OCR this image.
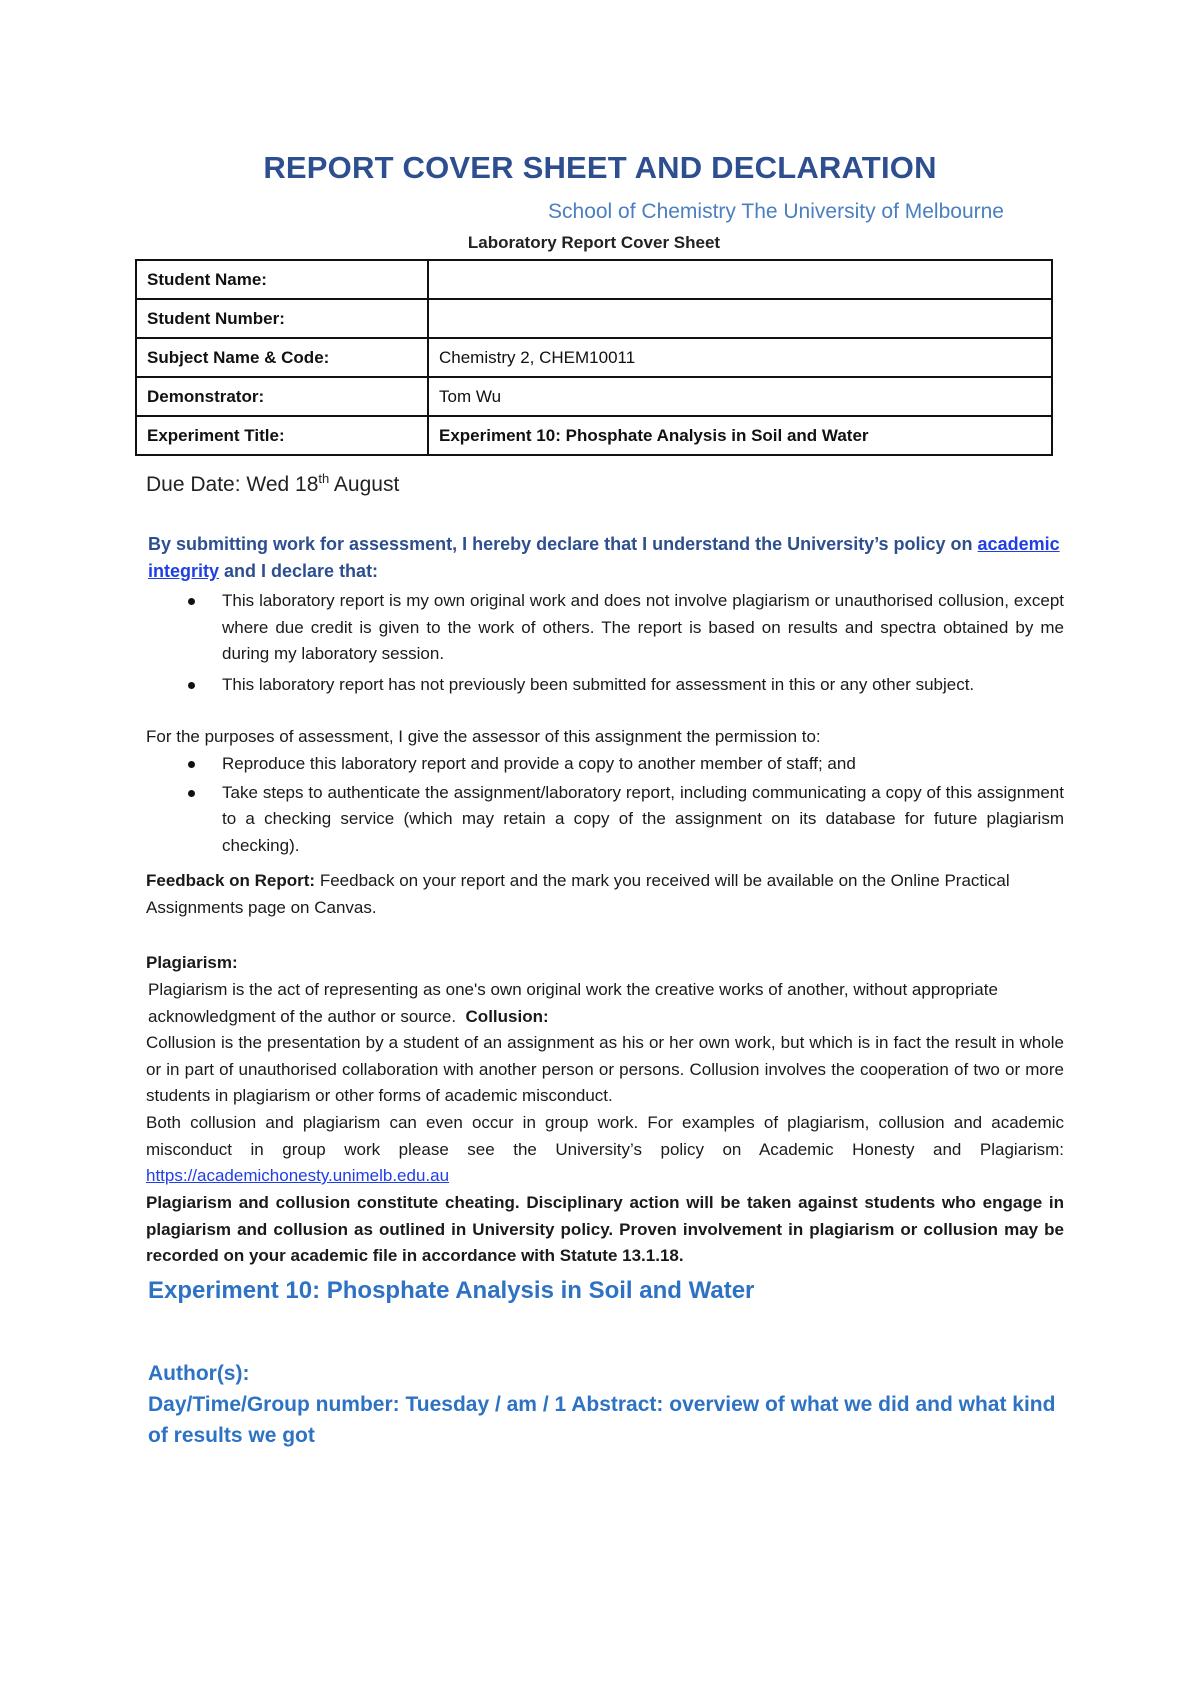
REPORT COVER SHEET AND DECLARATION
School of Chemistry The University of Melbourne
Laboratory Report Cover Sheet
Student Name:	
Student Number:	
Subject Name & Code:	Chemistry 2, CHEM10011
Demonstrator:	Tom Wu
Experiment Title:	Experiment 10: Phosphate Analysis in Soil and Water
Due Date: Wed 18th August
By submitting work for assessment, I hereby declare that I understand the University’s policy on academic integrity and I declare that:
This laboratory report is my own original work and does not involve plagiarism or unauthorised collusion, except where due credit is given to the work of others. The report is based on results and spectra obtained by me during my laboratory session.
This laboratory report has not previously been submitted for assessment in this or any other subject.
For the purposes of assessment, I give the assessor of this assignment the permission to:
Reproduce this laboratory report and provide a copy to another member of staff; and
Take steps to authenticate the assignment/laboratory report, including communicating a copy of this assignment to a checking service (which may retain a copy of the assignment on its database for future plagiarism checking).
Feedback on Report: Feedback on your report and the mark you received will be available on the Online Practical Assignments page on Canvas.
Plagiarism:
Plagiarism is the act of representing as one's own original work the creative works of another, without appropriate acknowledgment of the author or source. Collusion:
Collusion is the presentation by a student of an assignment as his or her own work, but which is in fact the result in whole or in part of unauthorised collaboration with another person or persons. Collusion involves the cooperation of two or more students in plagiarism or other forms of academic misconduct.
Both collusion and plagiarism can even occur in group work. For examples of plagiarism, collusion and academic misconduct in group work please see the University’s policy on Academic Honesty and Plagiarism: https://academichonesty.unimelb.edu.au
Plagiarism and collusion constitute cheating. Disciplinary action will be taken against students who engage in plagiarism and collusion as outlined in University policy. Proven involvement in plagiarism or collusion may be recorded on your academic file in accordance with Statute 13.1.18.
Experiment 10: Phosphate Analysis in Soil and Water
Author(s):
Day/Time/Group number: Tuesday / am / 1 Abstract: overview of what we did and what kind of results we got
